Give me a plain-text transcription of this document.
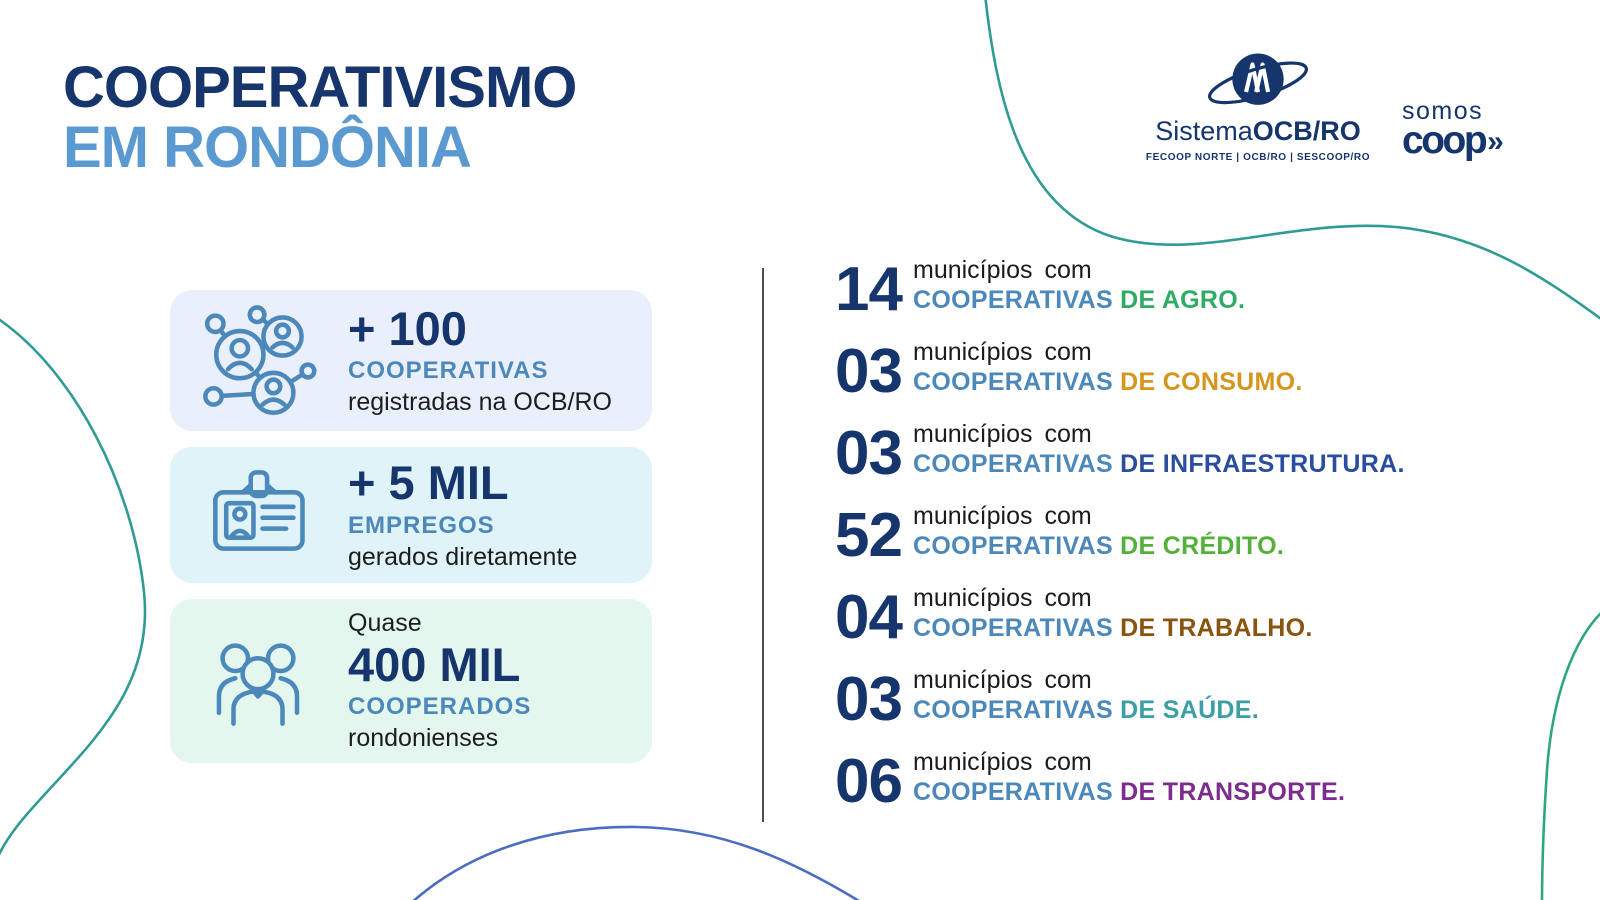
COOPERATIVISMO
EM RONDÔNIA	SistemaOCB/RO
FECOOP NORTE | OCB/RO | SESCOOP/RO
somos
coop»
+ 100
COOPERATIVAS
registradas na OCB/RO
+ 5 MIL
EMPREGOS
gerados diretamente
Quase
400 MIL
COOPERADOS
rondonienses
14 municípios com
COOPERATIVAS DE AGRO.
03 municípios com
COOPERATIVAS DE CONSUMO.
03 municípios com
COOPERATIVAS DE INFRAESTRUTURA.
52 municípios com
COOPERATIVAS DE CRÉDITO.
04 municípios com
COOPERATIVAS DE TRABALHO.
03 municípios com
COOPERATIVAS DE SAÚDE.
06 municípios com
COOPERATIVAS DE TRANSPORTE.
